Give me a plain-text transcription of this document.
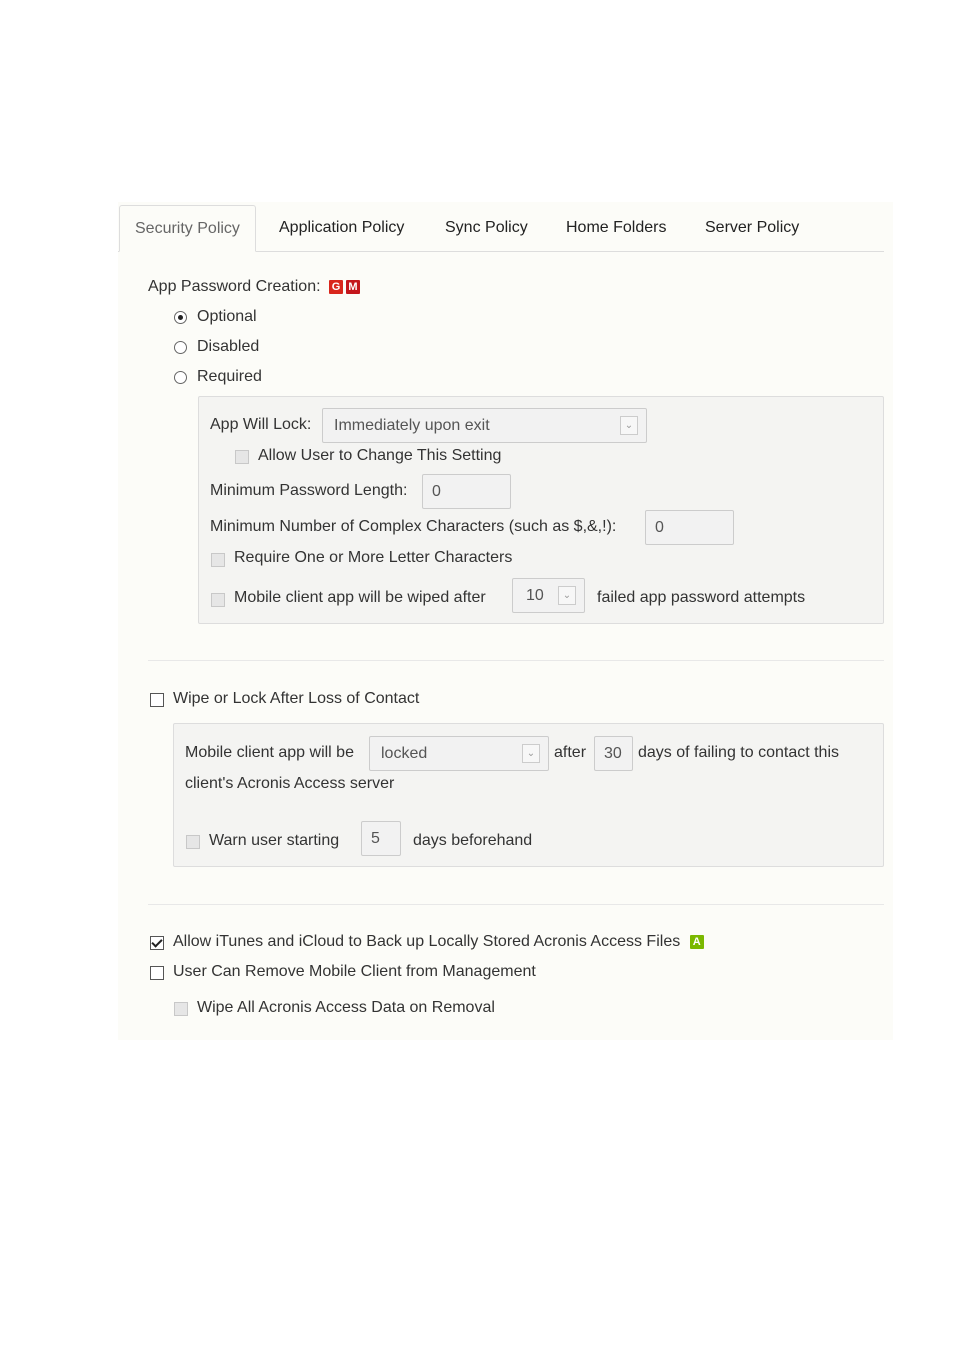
Security Policy	Application Policy	Sync Policy Home Folders Server Policy
App Password Creation: G M
Optional
Disabled
Required
App Will Lock:	Immediately upon exit	⌄
Allow User to Change This Setting
Minimum Password Length:	0
Minimum Number of Complex Characters (such as $,&,!):	0
Require One or More Letter Characters
Mobile client app will be wiped after	10	⌄	failed app password attempts
Wipe or Lock After Loss of Contact
Mobile client app will be	locked	⌄	after	30	days of failing to contact this
client's Acronis Access server
Warn user starting	5	days beforehand
Allow iTunes and iCloud to Back up Locally Stored Acronis Access Files A
User Can Remove Mobile Client from Management
Wipe All Acronis Access Data on Removal
